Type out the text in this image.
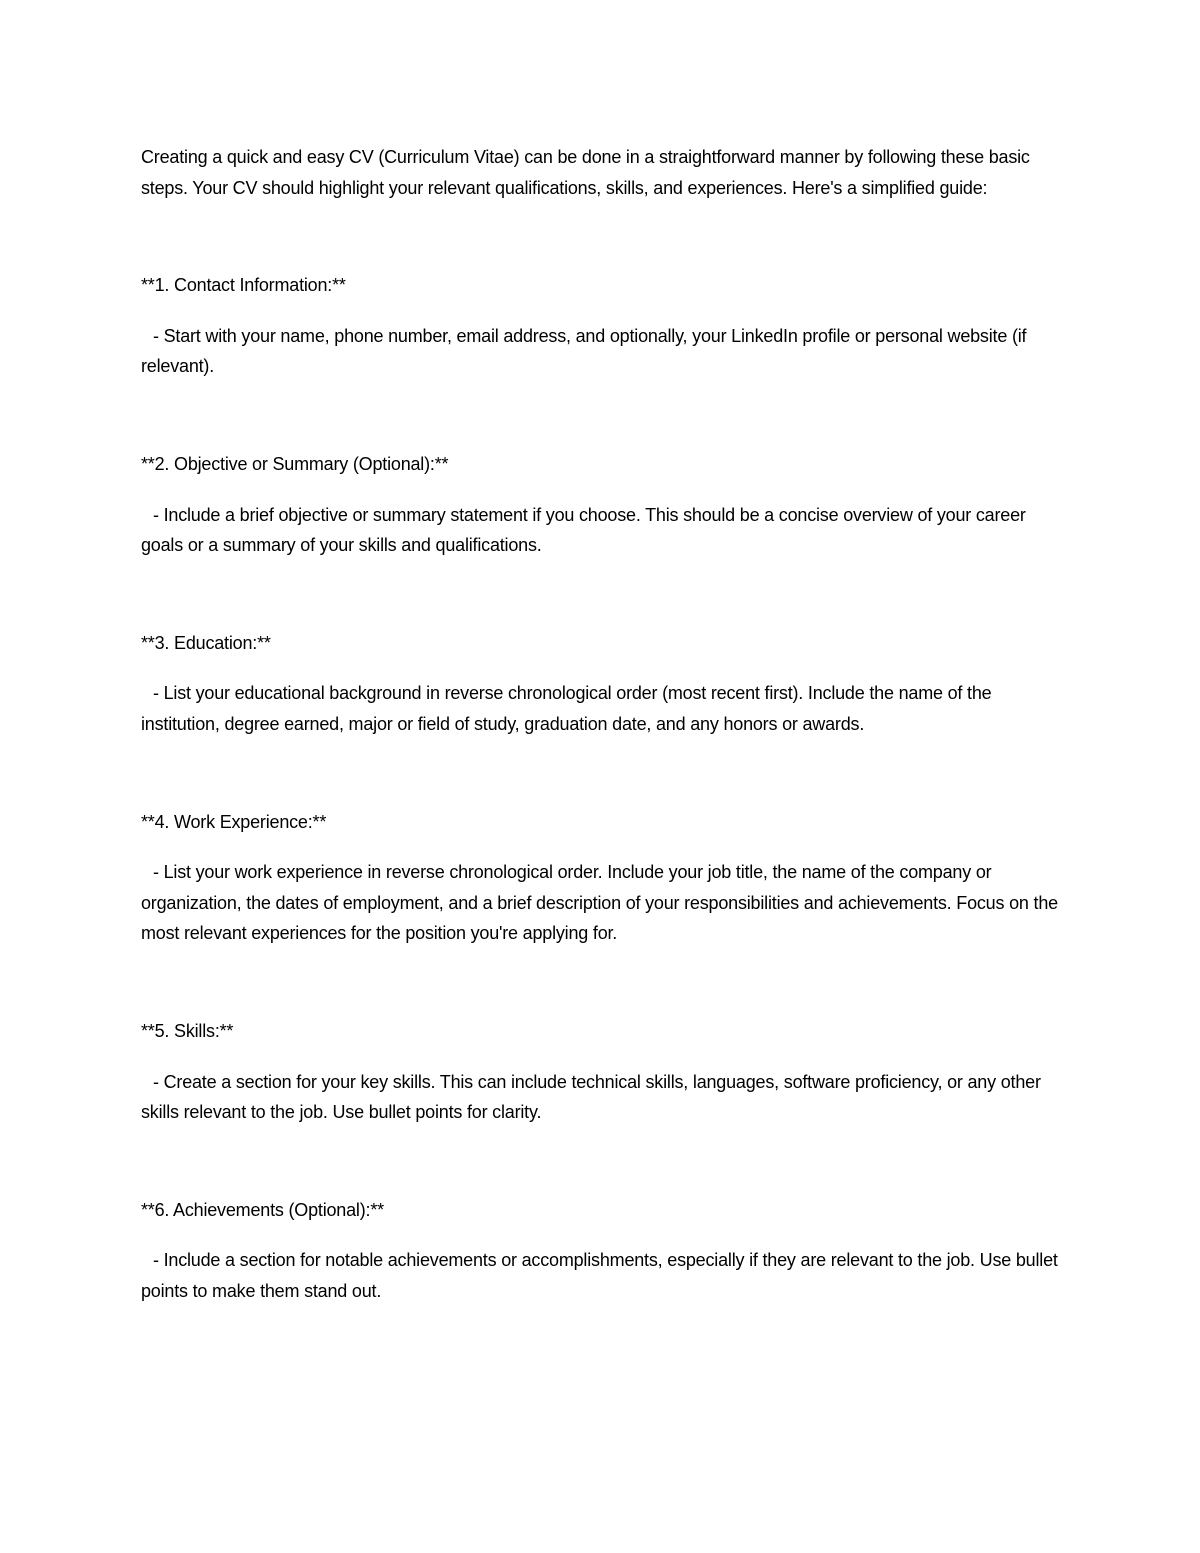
Creating a quick and easy CV (Curriculum Vitae) can be done in a straightforward manner by following these basic steps. Your CV should highlight your relevant qualifications, skills, and experiences. Here's a simplified guide:

**1. Contact Information:**

- Start with your name, phone number, email address, and optionally, your LinkedIn profile or personal website (if relevant).

**2. Objective or Summary (Optional):**

- Include a brief objective or summary statement if you choose. This should be a concise overview of your career goals or a summary of your skills and qualifications.

**3. Education:**

- List your educational background in reverse chronological order (most recent first). Include the name of the institution, degree earned, major or field of study, graduation date, and any honors or awards.

**4. Work Experience:**

- List your work experience in reverse chronological order. Include your job title, the name of the company or organization, the dates of employment, and a brief description of your responsibilities and achievements. Focus on the most relevant experiences for the position you're applying for.

**5. Skills:**

- Create a section for your key skills. This can include technical skills, languages, software proficiency, or any other skills relevant to the job. Use bullet points for clarity.

**6. Achievements (Optional):**

- Include a section for notable achievements or accomplishments, especially if they are relevant to the job. Use bullet points to make them stand out.
